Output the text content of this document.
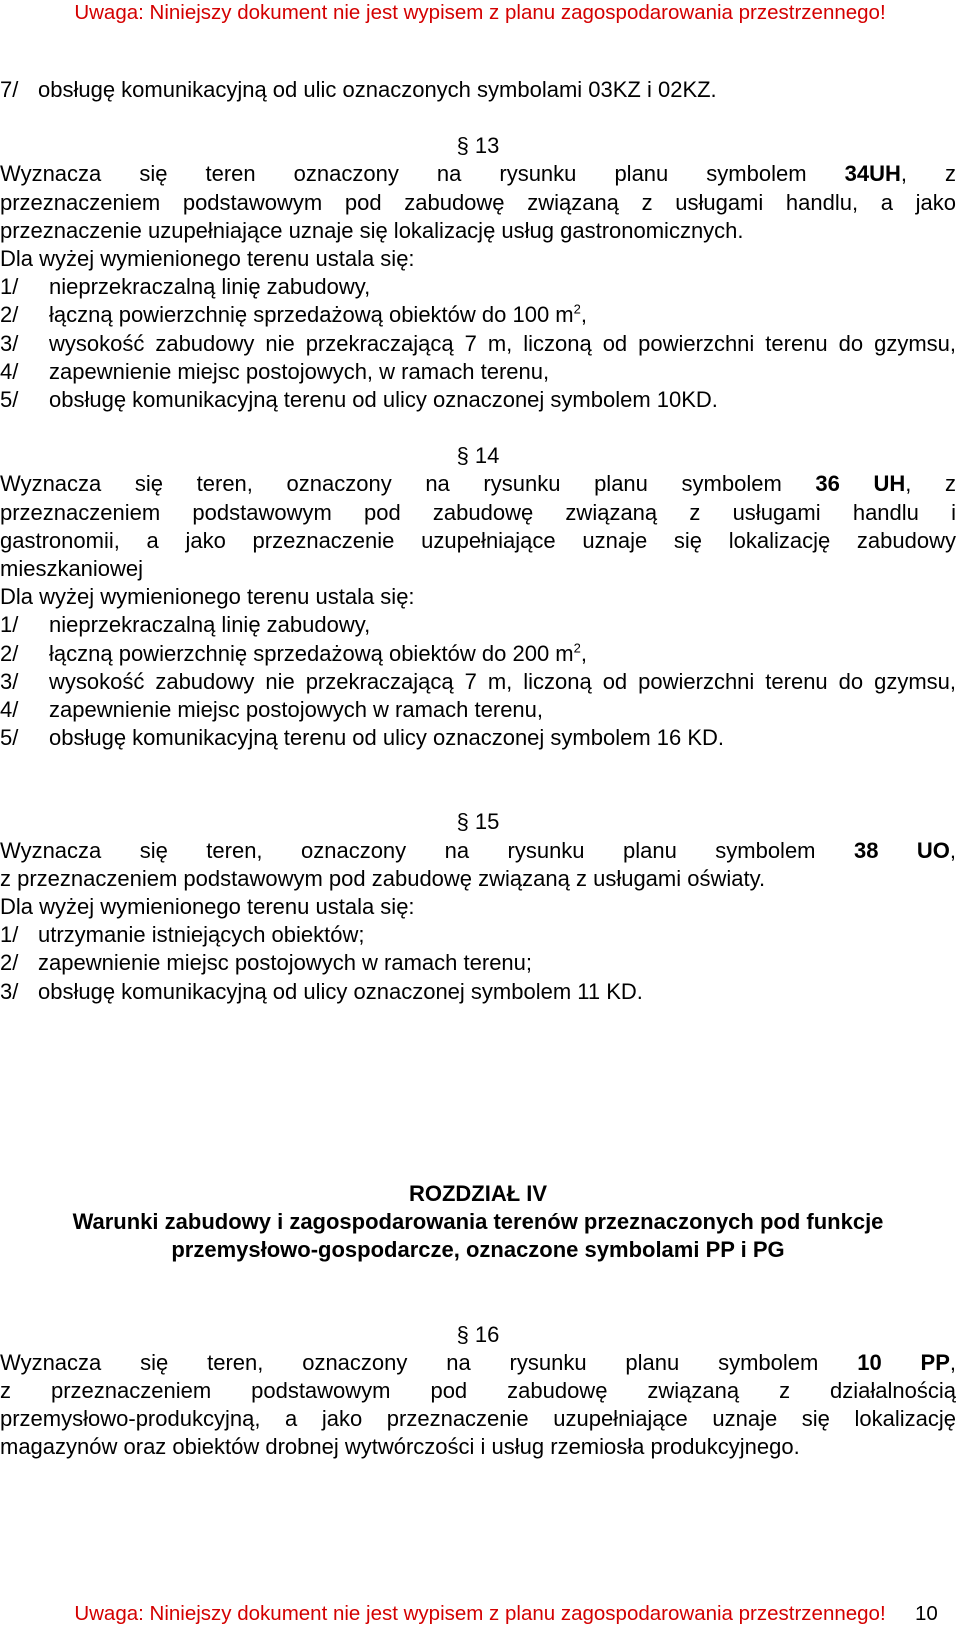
Uwaga: Niniejszy dokument nie jest wypisem z planu zagospodarowania przestrzennego!
7/ obsługę komunikacyjną od ulic oznaczonych symbolami 03KZ i 02KZ.

§ 13

Wyznacza się teren oznaczony na rysunku planu symbolem 34UH, z

przeznaczeniem podstawowym pod zabudowę związaną z usługami handlu, a jako

przeznaczenie uzupełniające uznaje się lokalizację usług gastronomicznych.

Dla wyżej wymienionego terenu ustala się:

1/	nieprzekraczalną linię zabudowy,
2/	łączną powierzchnię sprzedażową obiektów do 100 $m^2$,
3/	wysokość zabudowy nie przekraczającą 7 m, liczoną od powierzchni terenu do gzymsu,
4/	zapewnienie miejsc postojowych, w ramach terenu,
5/	obsługę komunikacyjną terenu od ulicy oznaczonej symbolem 10KD.

§ 14

Wyznacza się teren, oznaczony na rysunku planu symbolem 36 UH, z

przeznaczeniem podstawowym pod zabudowę związaną z usługami handlu i

gastronomii, a jako przeznaczenie uzupełniające uznaje się lokalizację zabudowy

mieszkaniowej

Dla wyżej wymienionego terenu ustala się:

1/	nieprzekraczalną linię zabudowy,
2/	łączną powierzchnię sprzedażową obiektów do 200 $m^2$,
3/	wysokość zabudowy nie przekraczającą 7 m, liczoną od powierzchni terenu do gzymsu,
4/	zapewnienie miejsc postojowych w ramach terenu,
5/	obsługę komunikacyjną terenu od ulicy oznaczonej symbolem 16 KD.

§ 15

Wyznacza się teren, oznaczony na rysunku planu symbolem 38 UO,

z przeznaczeniem podstawowym pod zabudowę związaną z usługami oświaty.

Dla wyżej wymienionego terenu ustala się:

1/ utrzymanie istniejących obiektów;
2/ zapewnienie miejsc postojowych w ramach terenu;
3/ obsługę komunikacyjną od ulicy oznaczonej symbolem 11 KD.

ROZDZIAŁ IV

Warunki zabudowy i zagospodarowania terenów przeznaczonych pod funkcje

przemysłowo-gospodarcze, oznaczone symbolami PP i PG

§ 16

Wyznacza się teren, oznaczony na rysunku planu symbolem 10 PP,

z przeznaczeniem podstawowym pod zabudowę związaną z działalnością

przemysłowo-produkcyjną, a jako przeznaczenie uzupełniające uznaje się lokalizację

magazynów oraz obiektów drobnej wytwórczości i usług rzemiosła produkcyjnego.

Uwaga: Niniejszy dokument nie jest wypisem z planu zagospodarowania przestrzennego!	10
